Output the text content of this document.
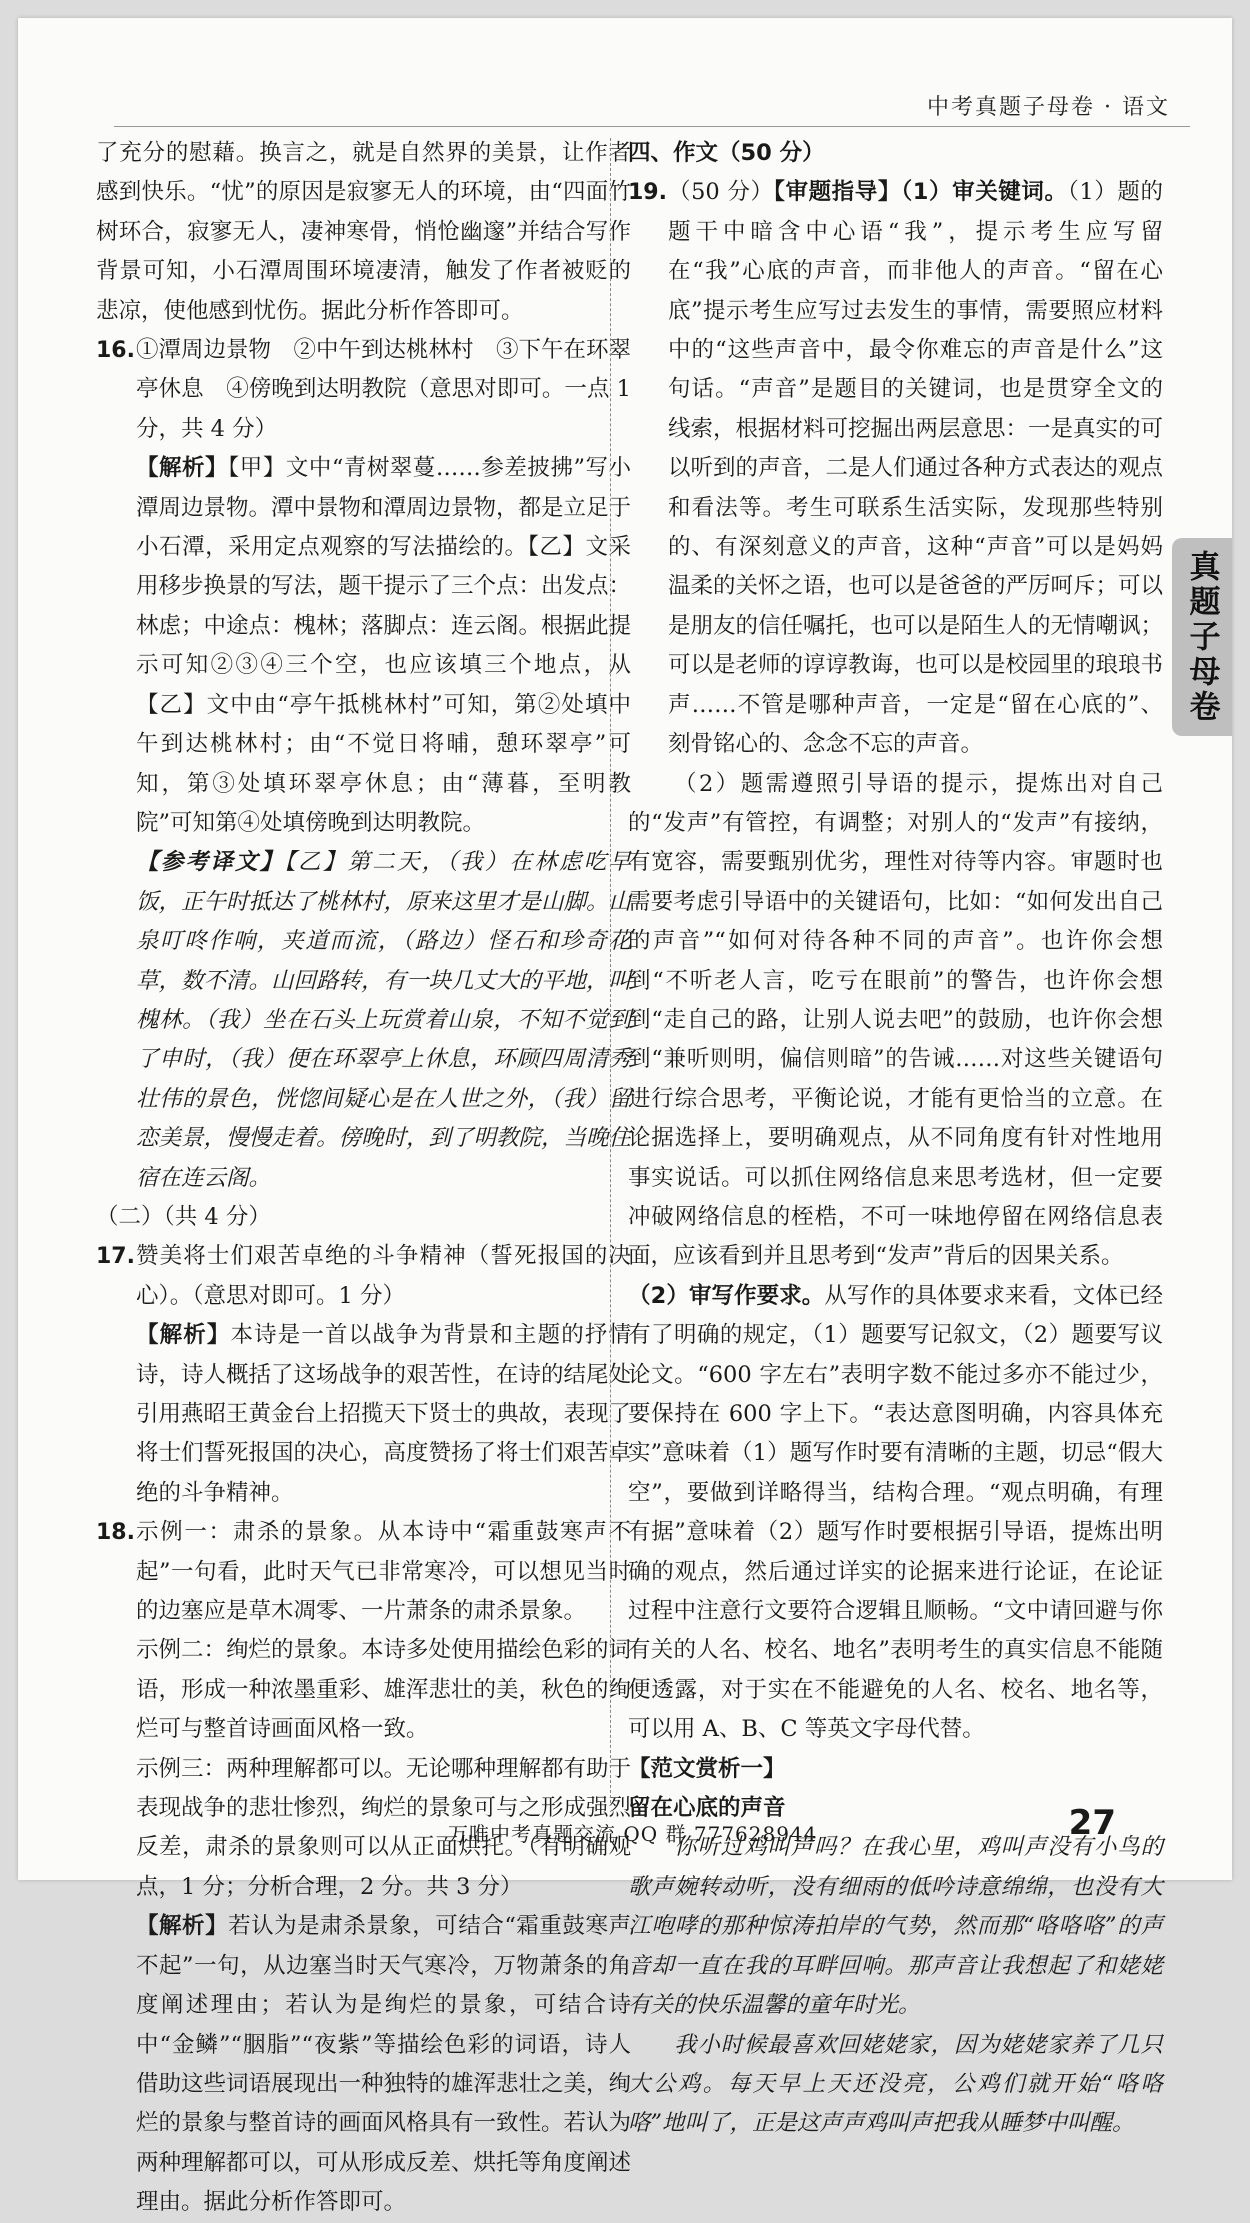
中考真题子母卷 · 语文

了充分的慰藉。换言之，就是自然界的美景，让作者感到快乐。“忧”的原因是寂寥无人的环境，由“四面竹树环合，寂寥无人，凄神寒骨，悄怆幽邃”并结合写作背景可知，小石潭周围环境凄清，触发了作者被贬的悲凉，使他感到忧伤。据此分析作答即可。

16. ①潭周边景物　②中午到达桃林村　③下午在环翠亭休息　④傍晚到达明教院（意思对即可。一点 1 分，共 4 分）

【解析】【甲】文中“青树翠蔓……参差披拂”写小潭周边景物。潭中景物和潭周边景物，都是立足于小石潭，采用定点观察的写法描绘的。【乙】文采用移步换景的写法，题干提示了三个点：出发点：林虑；中途点：槐林；落脚点：连云阁。根据此提示可知②③④三个空，也应该填三个地点，从【乙】文中由“亭午抵桃林村”可知，第②处填中午到达桃林村；由“不觉日将晡，憩环翠亭”可知，第③处填环翠亭休息；由“薄暮，至明教院”可知第④处填傍晚到达明教院。

【参考译文】【乙】第二天，（我）在林虑吃早饭，正午时抵达了桃林村，原来这里才是山脚。山泉叮咚作响，夹道而流，（路边）怪石和珍奇花草，数不清。山回路转，有一块几丈大的平地，叫槐林。（我）坐在石头上玩赏着山泉，不知不觉到了申时，（我）便在环翠亭上休息，环顾四周清秀壮伟的景色，恍惚间疑心是在人世之外，（我）留恋美景，慢慢走着。傍晚时，到了明教院，当晚住宿在连云阁。

（二）（共 4 分）

17. 赞美将士们艰苦卓绝的斗争精神（誓死报国的决心）。（意思对即可。1 分）

【解析】本诗是一首以战争为背景和主题的抒情诗，诗人概括了这场战争的艰苦性，在诗的结尾处引用燕昭王黄金台上招揽天下贤士的典故，表现了将士们誓死报国的决心，高度赞扬了将士们艰苦卓绝的斗争精神。

18. 示例一：肃杀的景象。从本诗中“霜重鼓寒声不起”一句看，此时天气已非常寒冷，可以想见当时的边塞应是草木凋零、一片萧条的肃杀景象。

示例二：绚烂的景象。本诗多处使用描绘色彩的词语，形成一种浓墨重彩、雄浑悲壮的美，秋色的绚烂可与整首诗画面风格一致。

示例三：两种理解都可以。无论哪种理解都有助于表现战争的悲壮惨烈，绚烂的景象可与之形成强烈反差，肃杀的景象则可以从正面烘托。（有明确观点，1 分；分析合理，2 分。共 3 分）

【解析】若认为是肃杀景象，可结合“霜重鼓寒声不起”一句，从边塞当时天气寒冷，万物萧条的角度阐述理由；若认为是绚烂的景象，可结合诗中“金鳞”“胭脂”“夜紫”等描绘色彩的词语，诗人借助这些词语展现出一种独特的雄浑悲壮之美，绚烂的景象与整首诗的画面风格具有一致性。若认为两种理解都可以，可从形成反差、烘托等角度阐述理由。据此分析作答即可。

四、作文（50 分）

19. （50 分）【审题指导】（1）审关键词。（1）题的题干中暗含中心语“我”，提示考生应写留在“我”心底的声音，而非他人的声音。“留在心底”提示考生应写过去发生的事情，需要照应材料中的“这些声音中，最令你难忘的声音是什么”这句话。“声音”是题目的关键词，也是贯穿全文的线索，根据材料可挖掘出两层意思：一是真实的可以听到的声音，二是人们通过各种方式表达的观点和看法等。考生可联系生活实际，发现那些特别的、有深刻意义的声音，这种“声音”可以是妈妈温柔的关怀之语，也可以是爸爸的严厉呵斥；可以是朋友的信任嘱托，也可以是陌生人的无情嘲讽；可以是老师的谆谆教诲，也可以是校园里的琅琅书声……不管是哪种声音，一定是“留在心底的”、刻骨铭心的、念念不忘的声音。

（2）题需遵照引导语的提示，提炼出对自己的“发声”有管控，有调整；对别人的“发声”有接纳，有宽容，需要甄别优劣，理性对待等内容。审题时也需要考虑引导语中的关键语句，比如：“如何发出自己的声音”“如何对待各种不同的声音”。也许你会想到“不听老人言，吃亏在眼前”的警告，也许你会想到“走自己的路，让别人说去吧”的鼓励，也许你会想到“兼听则明，偏信则暗”的告诫……对这些关键语句进行综合思考，平衡论说，才能有更恰当的立意。在论据选择上，要明确观点，从不同角度有针对性地用事实说话。可以抓住网络信息来思考选材，但一定要冲破网络信息的桎梏，不可一味地停留在网络信息表面，应该看到并且思考到“发声”背后的因果关系。

（2）审写作要求。从写作的具体要求来看，文体已经有了明确的规定，（1）题要写记叙文，（2）题要写议论文。“600 字左右”表明字数不能过多亦不能过少，要保持在 600 字上下。“表达意图明确，内容具体充实”意味着（1）题写作时要有清晰的主题，切忌“假大空”，要做到详略得当，结构合理。“观点明确，有理有据”意味着（2）题写作时要根据引导语，提炼出明确的观点，然后通过详实的论据来进行论证，在论证过程中注意行文要符合逻辑且顺畅。“文中请回避与你有关的人名、校名、地名”表明考生的真实信息不能随便透露，对于实在不能避免的人名、校名、地名等，可以用 A、B、C 等英文字母代替。

【范文赏析一】

留在心底的声音

你听过鸡叫声吗？在我心里，鸡叫声没有小鸟的歌声婉转动听，没有细雨的低吟诗意绵绵，也没有大江咆哮的那种惊涛拍岸的气势，然而那“咯咯咯”的声音却一直在我的耳畔回响。那声音让我想起了和姥姥有关的快乐温馨的童年时光。

我小时候最喜欢回姥姥家，因为姥姥家养了几只大公鸡。每天早上天还没亮，公鸡们就开始“咯咯咯”地叫了，正是这声声鸡叫声把我从睡梦中叫醒。

真题子母卷
万唯中考真题交流 QQ 群 777628944	27
